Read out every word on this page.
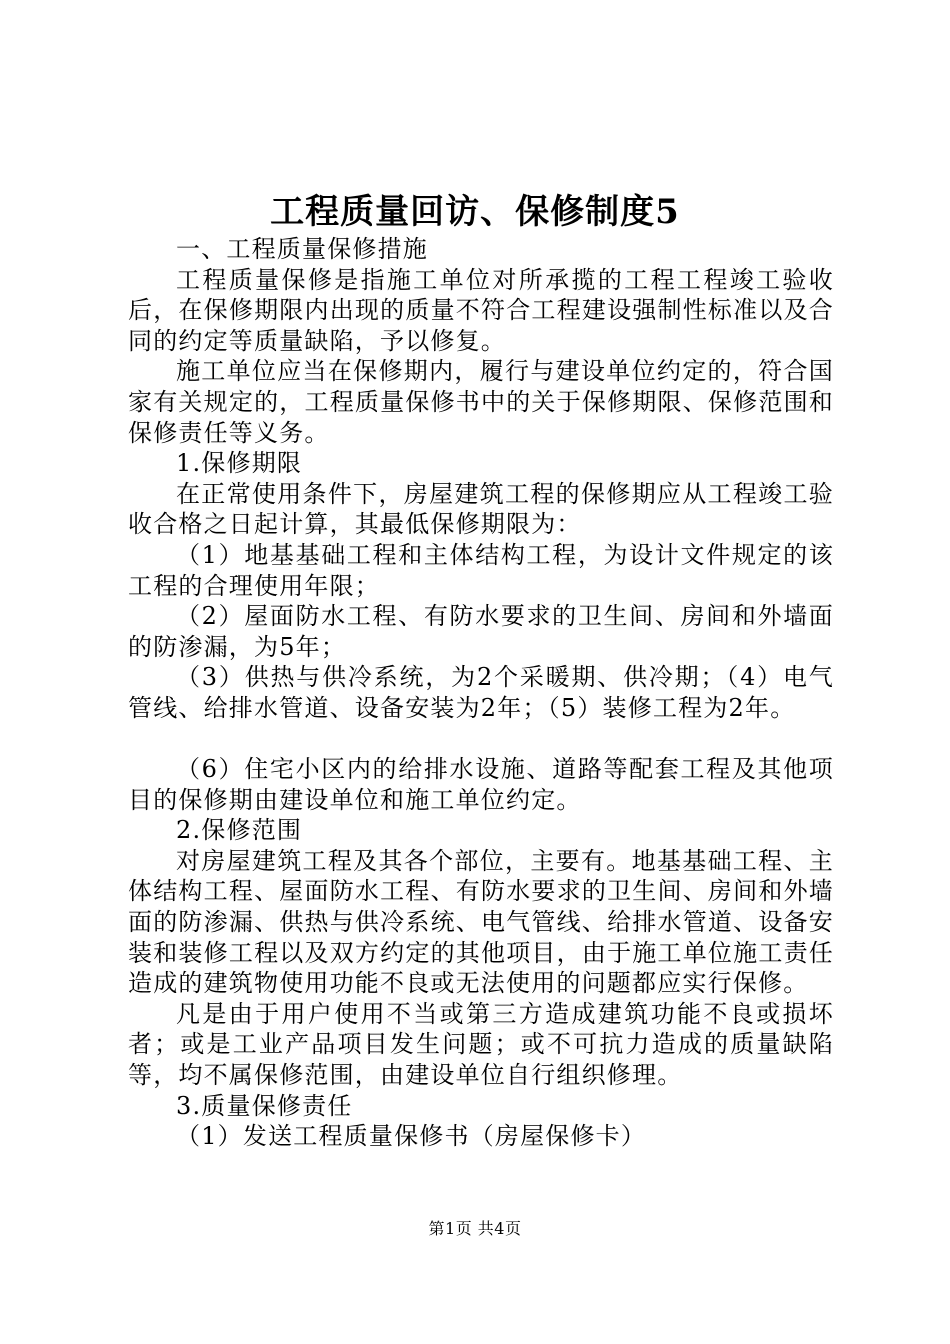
工程质量回访、保修制度5

一、工程质量保修措施

工程质量保修是指施工单位对所承揽的工程工程竣工验收后，在保修期限内出现的质量不符合工程建设强制性标准以及合同的约定等质量缺陷，予以修复。

施工单位应当在保修期内，履行与建设单位约定的，符合国家有关规定的，工程质量保修书中的关于保修期限、保修范围和保修责任等义务。

1.保修期限

在正常使用条件下，房屋建筑工程的保修期应从工程竣工验收合格之日起计算，其最低保修期限为：

（1）地基基础工程和主体结构工程，为设计文件规定的该工程的合理使用年限；

（2）屋面防水工程、有防水要求的卫生间、房间和外墙面的防渗漏，为5年；

（3）供热与供冷系统，为2个采暖期、供冷期；（4）电气管线、给排水管道、设备安装为2年；（5）装修工程为2年。

（6）住宅小区内的给排水设施、道路等配套工程及其他项目的保修期由建设单位和施工单位约定。

2.保修范围

对房屋建筑工程及其各个部位，主要有。地基基础工程、主体结构工程、屋面防水工程、有防水要求的卫生间、房间和外墙面的防渗漏、供热与供冷系统、电气管线、给排水管道、设备安装和装修工程以及双方约定的其他项目，由于施工单位施工责任造成的建筑物使用功能不良或无法使用的问题都应实行保修。

凡是由于用户使用不当或第三方造成建筑功能不良或损坏者；或是工业产品项目发生问题；或不可抗力造成的质量缺陷等，均不属保修范围，由建设单位自行组织修理。

3.质量保修责任

（1）发送工程质量保修书（房屋保修卡）

第1页 共4页
